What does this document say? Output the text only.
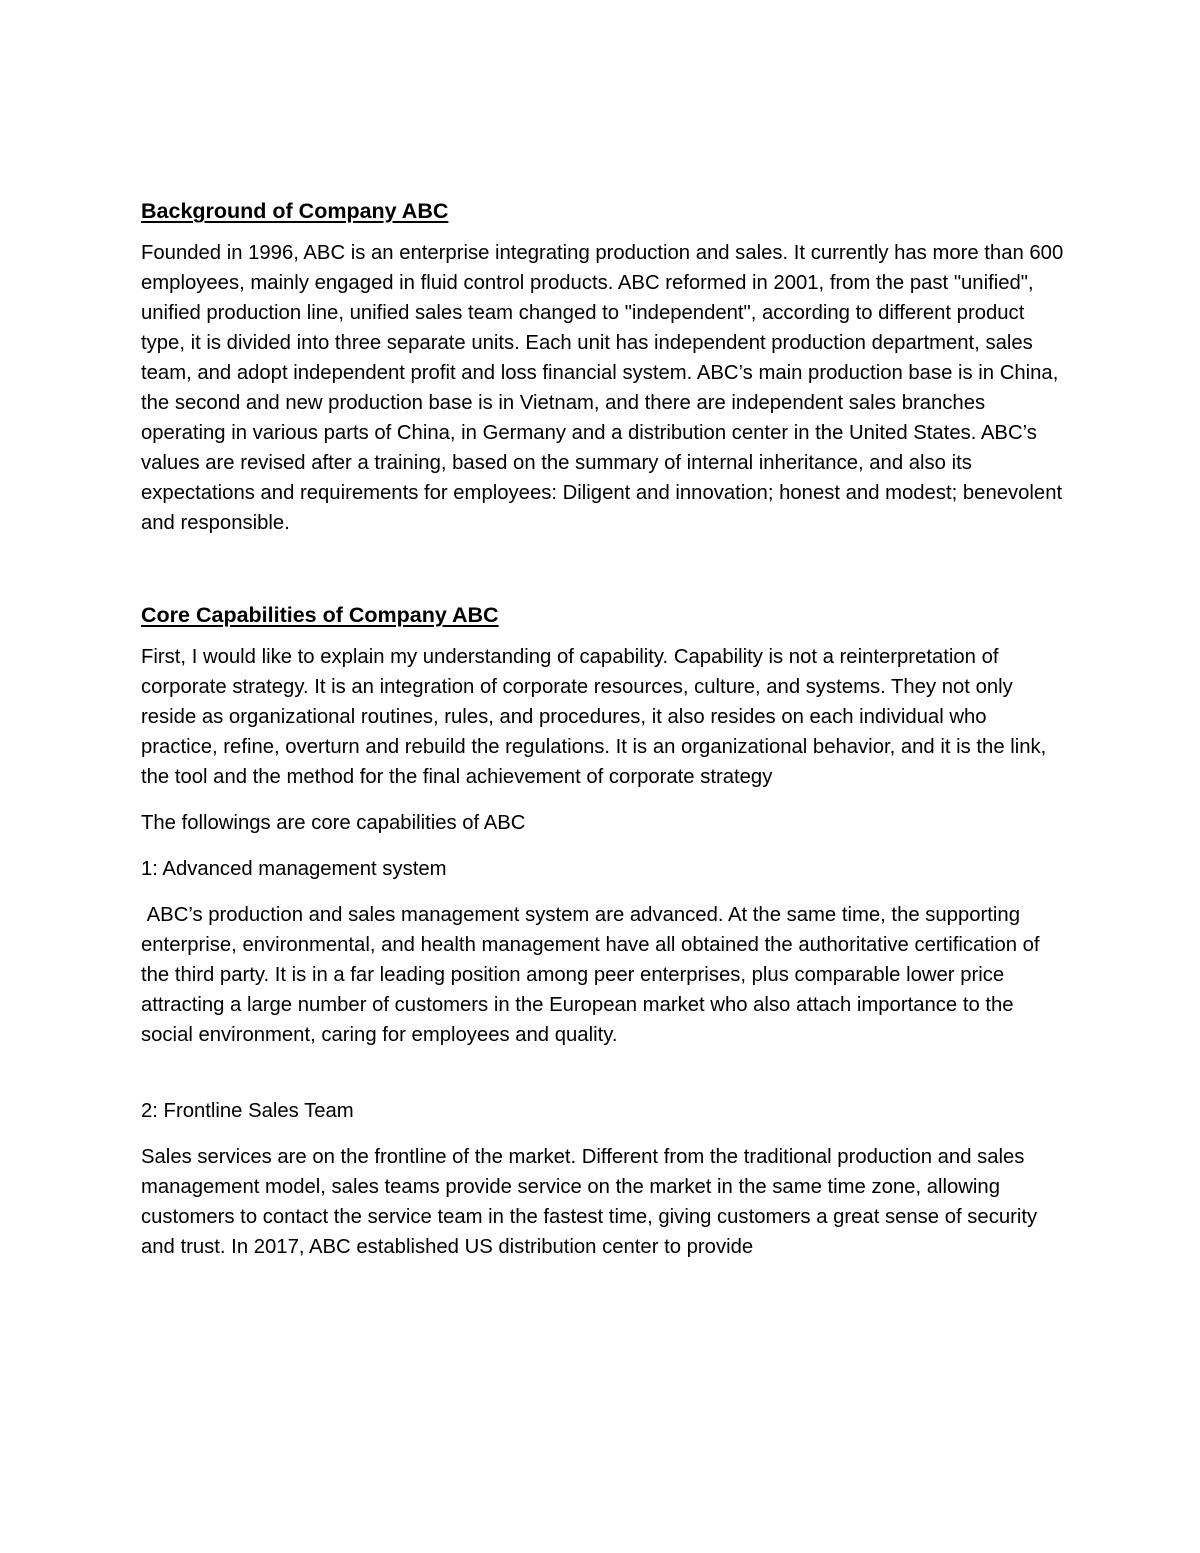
Background of Company ABC

Founded in 1996, ABC is an enterprise integrating production and sales. It currently has more than 600 employees, mainly engaged in fluid control products. ABC reformed in 2001, from the past "unified", unified production line, unified sales team changed to "independent", according to different product type, it is divided into three separate units. Each unit has independent production department, sales team, and adopt independent profit and loss financial system. ABC’s main production base is in China, the second and new production base is in Vietnam, and there are independent sales branches operating in various parts of China, in Germany and a distribution center in the United States. ABC’s values are revised after a training, based on the summary of internal inheritance, and also its expectations and requirements for employees: Diligent and innovation; honest and modest; benevolent and responsible.

Core Capabilities of Company ABC

First, I would like to explain my understanding of capability. Capability is not a reinterpretation of corporate strategy. It is an integration of corporate resources, culture, and systems. They not only reside as organizational routines, rules, and procedures, it also resides on each individual who practice, refine, overturn and rebuild the regulations. It is an organizational behavior, and it is the link, the tool and the method for the final achievement of corporate strategy

The followings are core capabilities of ABC

1: Advanced management system

ABC’s production and sales management system are advanced. At the same time, the supporting enterprise, environmental, and health management have all obtained the authoritative certification of the third party. It is in a far leading position among peer enterprises, plus comparable lower price attracting a large number of customers in the European market who also attach importance to the social environment, caring for employees and quality.

2: Frontline Sales Team

Sales services are on the frontline of the market. Different from the traditional production and sales management model, sales teams provide service on the market in the same time zone, allowing customers to contact the service team in the fastest time, giving customers a great sense of security and trust. In 2017, ABC established US distribution center to provide
